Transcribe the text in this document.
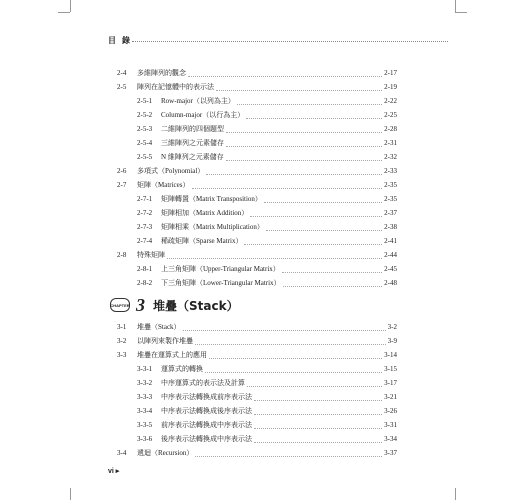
目 錄
2-4	多維陣列的觀念	2-17
2-5	陣列在記憶體中的表示法	2-19
2-5-1	Row-major（以列為主）	2-22
2-5-2	Column-major（以行為主）	2-25
2-5-3	二維陣列的四個題型	2-28
2-5-4	三維陣列之元素儲存	2-31
2-5-5	N 維陣列之元素儲存	2-32
2-6	多項式（Polynomial）	2-33
2-7	矩陣（Matrices）	2-35
2-7-1	矩陣轉置（Matrix Transposition）	2-35
2-7-2	矩陣相加（Matrix Addition）	2-37
2-7-3	矩陣相乘（Matrix Multiplication）	2-38
2-7-4	稀疏矩陣（Sparse Matrix）	2-41
2-8	特殊矩陣	2-44
2-8-1	上三角矩陣（Upper-Triangular Matrix）	2-45
2-8-2	下三角矩陣（Lower-Triangular Matrix）	2-48
CHAPTER 3 堆疊（Stack）
3-1	堆疊（Stack）	3-2
3-2	以陣列來製作堆疊	3-9
3-3	堆疊在運算式上的應用	3-14
3-3-1	運算式的轉換	3-15
3-3-2	中序運算式的表示法及計算	3-17
3-3-3	中序表示法轉換成前序表示法	3-21
3-3-4	中序表示法轉換成後序表示法	3-26
3-3-5	前序表示法轉換成中序表示法	3-31
3-3-6	後序表示法轉換成中序表示法	3-34
3-4	遞迴（Recursion）	3-37
vi ▸
